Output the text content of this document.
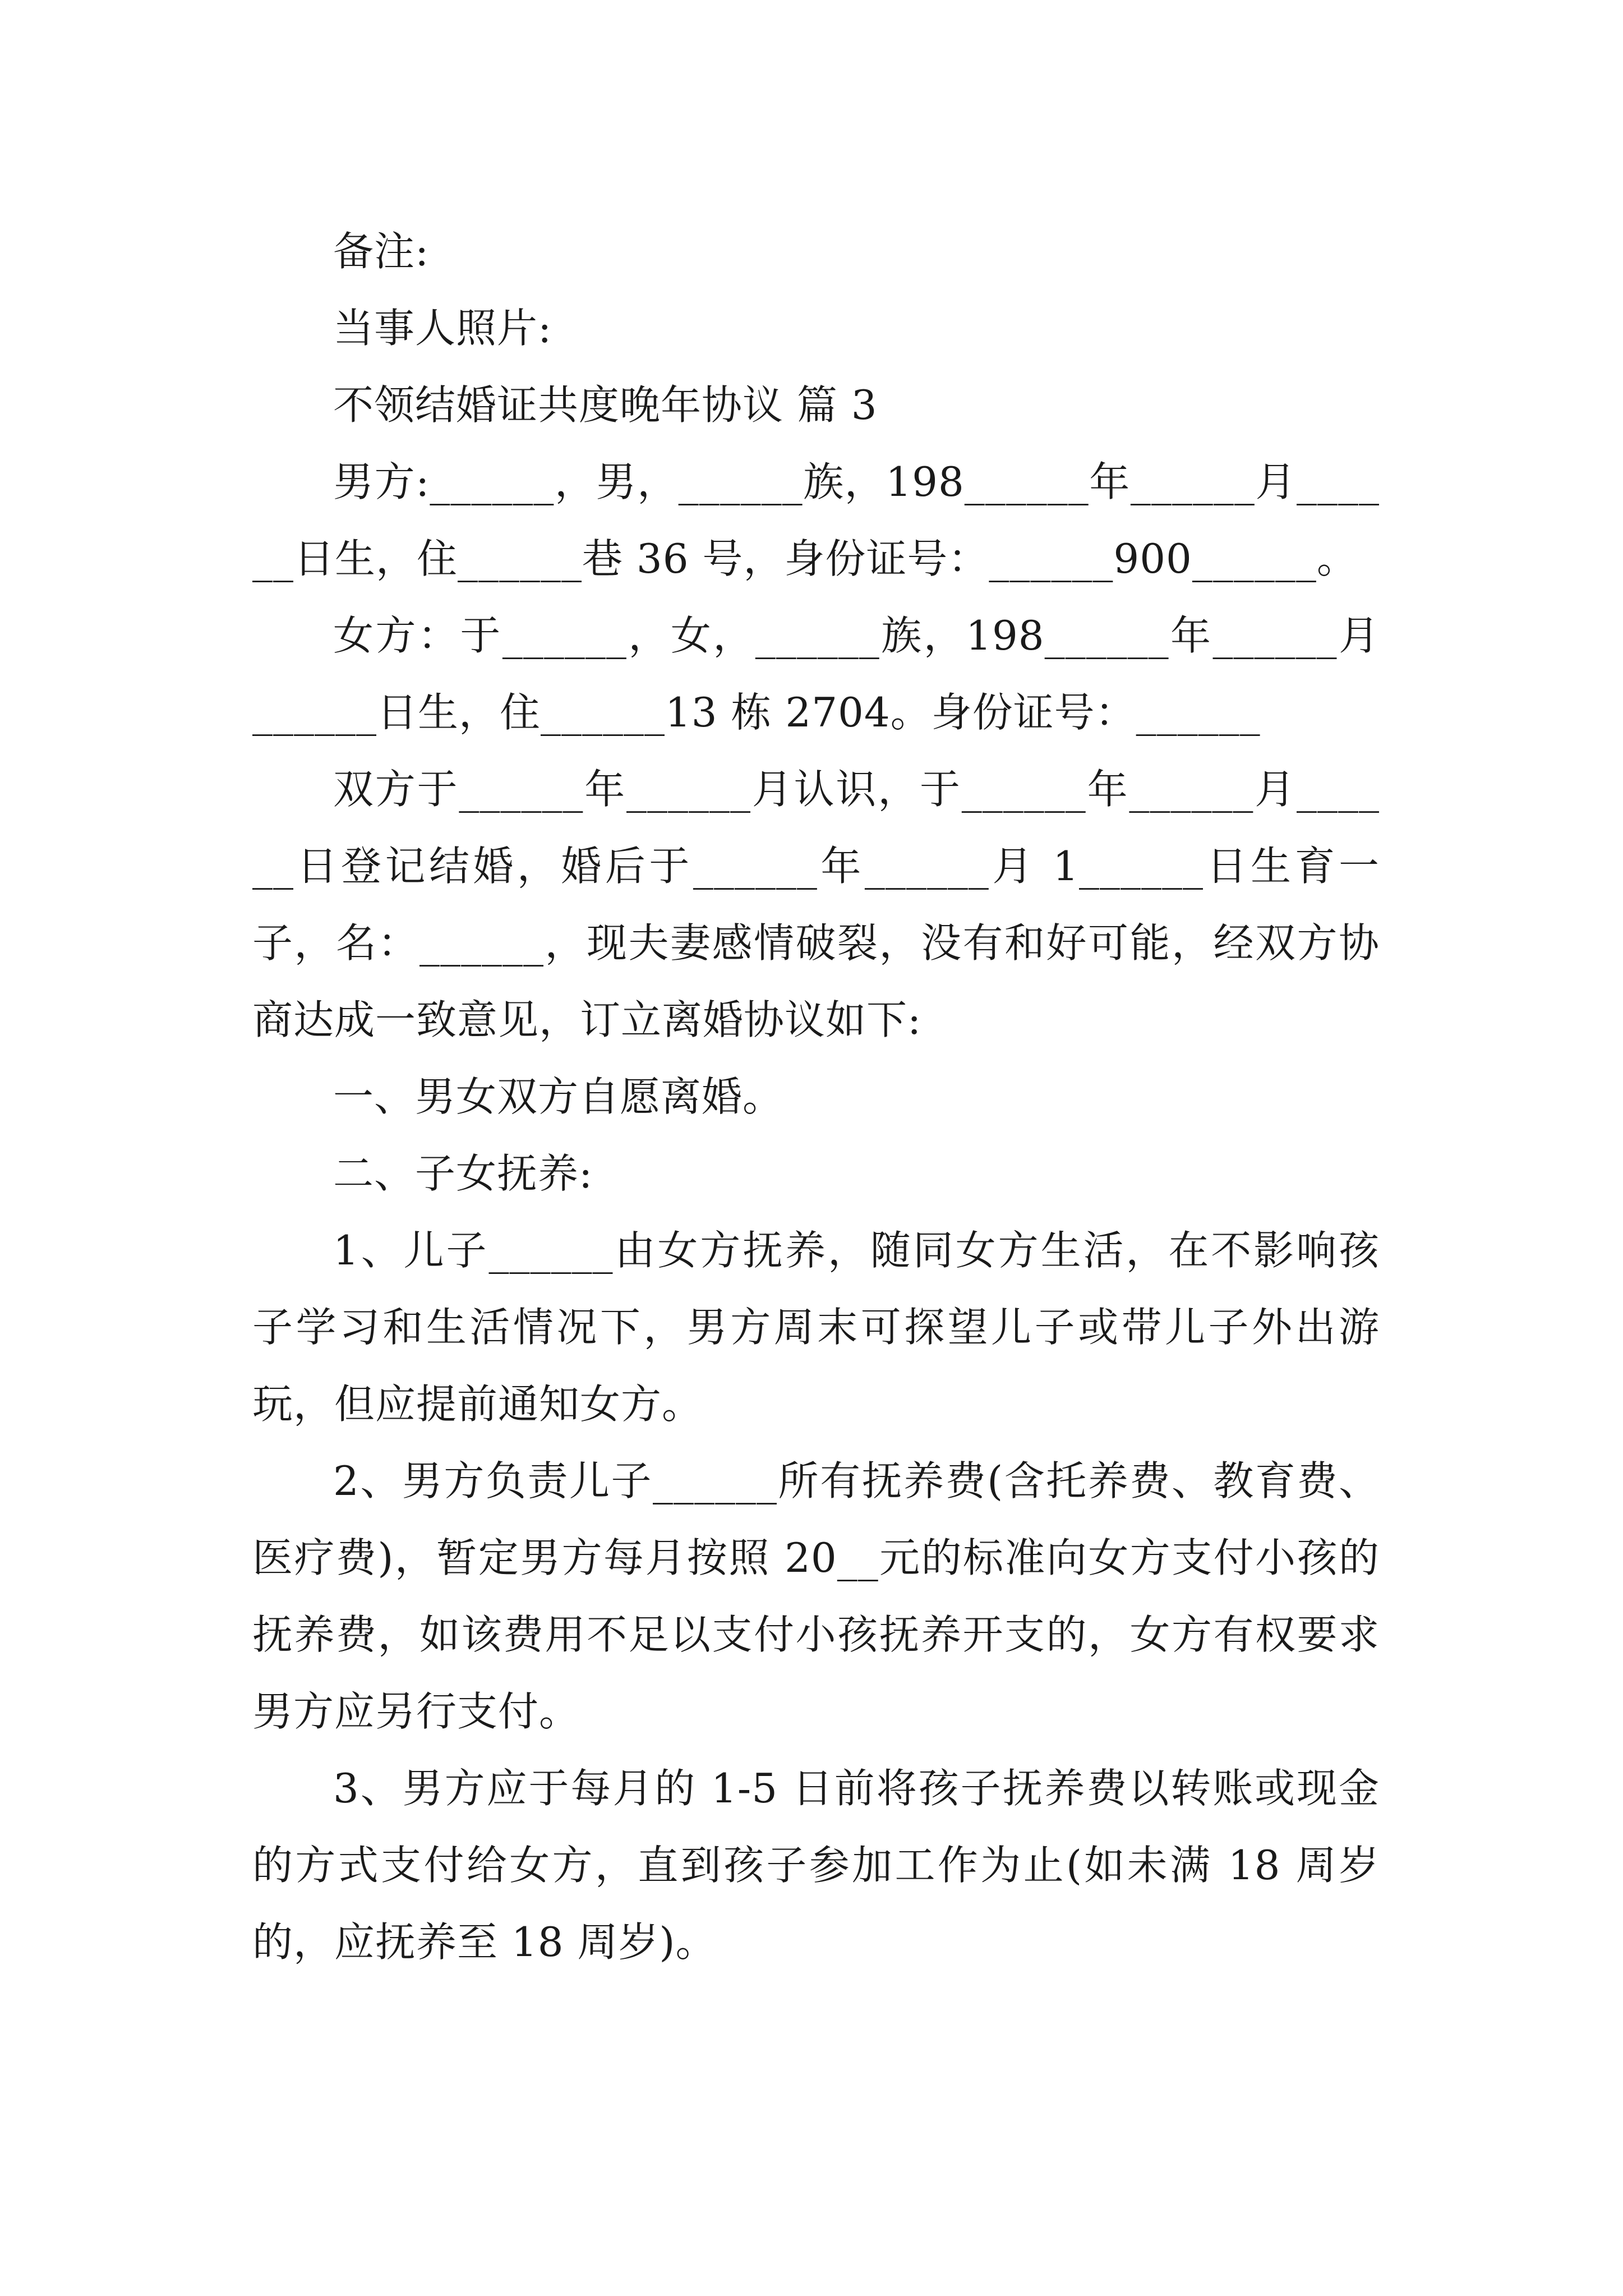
备注:

当事人照片:

不领结婚证共度晚年协议 篇 3

男方:______，男，______族，198______年______月______日生，住______巷 36 号，身份证号：______900______。

女方：于______，女，______族，198______年______月______日生，住______13 栋 2704。身份证号：______

双方于______年______月认识，于______年______月______日登记结婚，婚后于______年______月 1______日生育一子，名：______，现夫妻感情破裂，没有和好可能，经双方协商达成一致意见，订立离婚协议如下:

一、男女双方自愿离婚。

二、子女抚养:

1、儿子______由女方抚养，随同女方生活，在不影响孩子学习和生活情况下，男方周末可探望儿子或带儿子外出游玩，但应提前通知女方。

2、男方负责儿子______所有抚养费(含托养费、教育费、医疗费)，暂定男方每月按照 20__元的标准向女方支付小孩的抚养费，如该费用不足以支付小孩抚养开支的，女方有权要求男方应另行支付。

3、男方应于每月的 1-5 日前将孩子抚养费以转账或现金的方式支付给女方，直到孩子参加工作为止(如未满 18 周岁的，应抚养至 18 周岁)。
